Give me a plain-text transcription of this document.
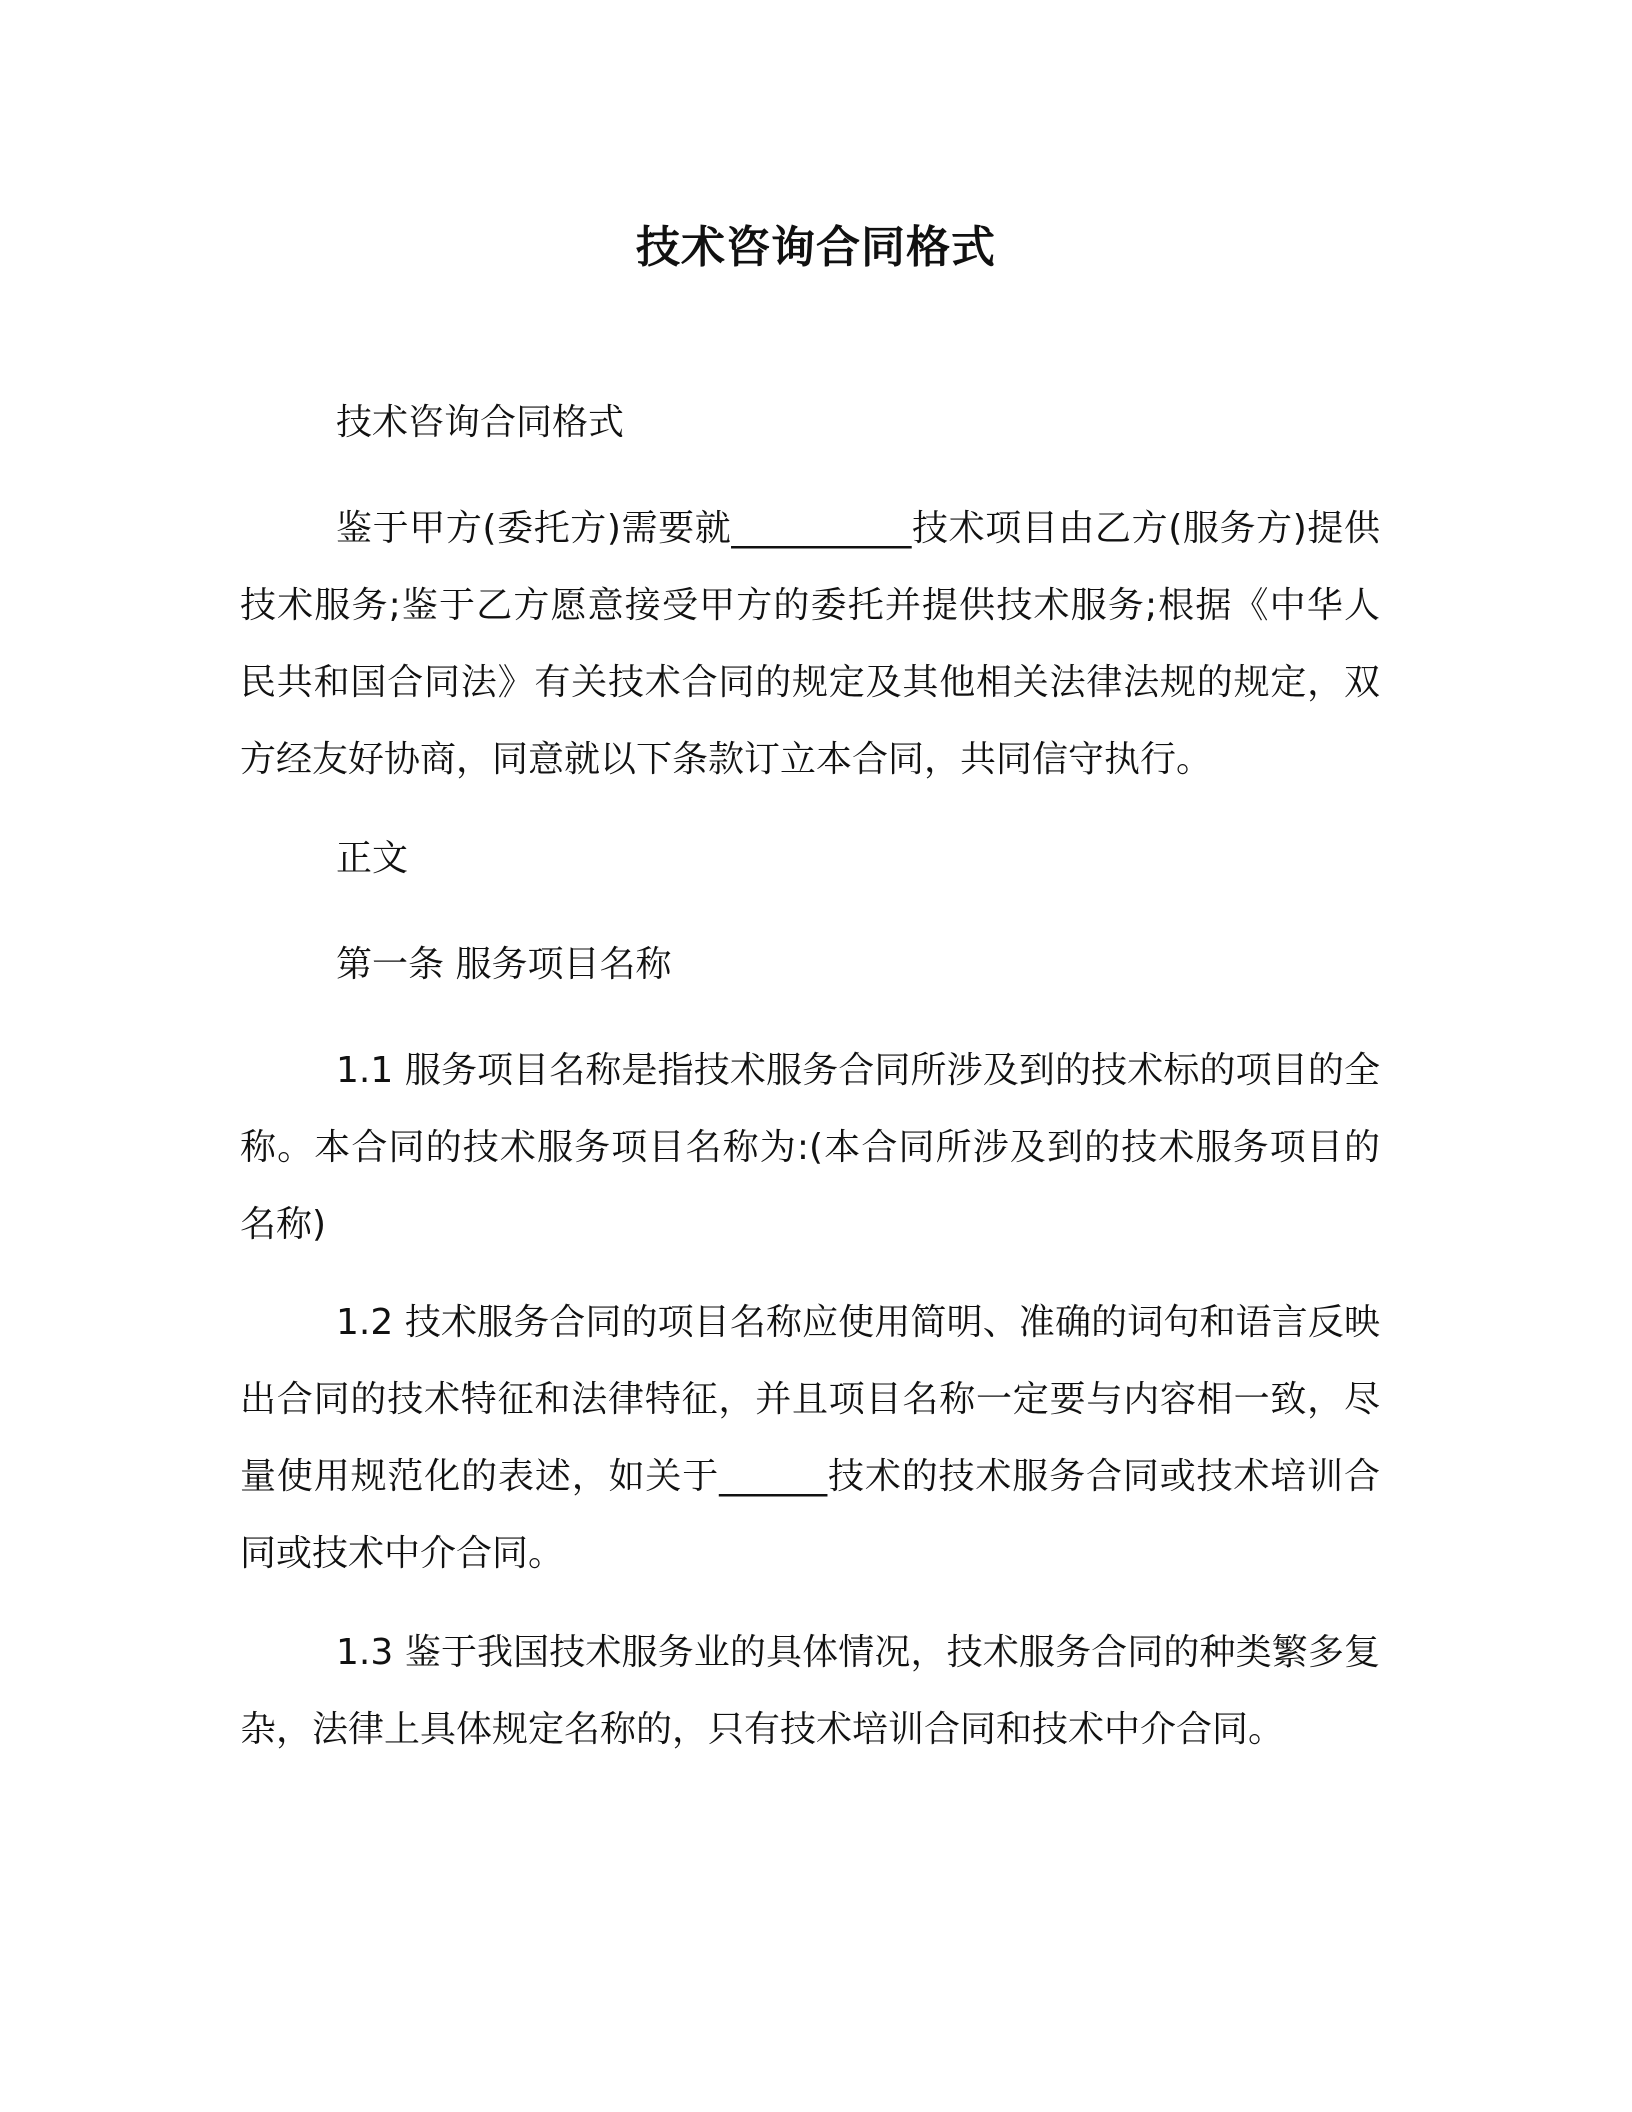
技术咨询合同格式

技术咨询合同格式

鉴于甲方(委托方)需要就__________技术项目由乙方(服务方)提供技术服务;鉴于乙方愿意接受甲方的委托并提供技术服务;根据《中华人民共和国合同法》有关技术合同的规定及其他相关法律法规的规定，双方经友好协商，同意就以下条款订立本合同，共同信守执行。

正文

第一条 服务项目名称

1.1 服务项目名称是指技术服务合同所涉及到的技术标的项目的全称。本合同的技术服务项目名称为:(本合同所涉及到的技术服务项目的名称)

1.2 技术服务合同的项目名称应使用简明、准确的词句和语言反映出合同的技术特征和法律特征，并且项目名称一定要与内容相一致，尽量使用规范化的表述，如关于______技术的技术服务合同或技术培训合同或技术中介合同。

1.3 鉴于我国技术服务业的具体情况，技术服务合同的种类繁多复杂，法律上具体规定名称的，只有技术培训合同和技术中介合同。
